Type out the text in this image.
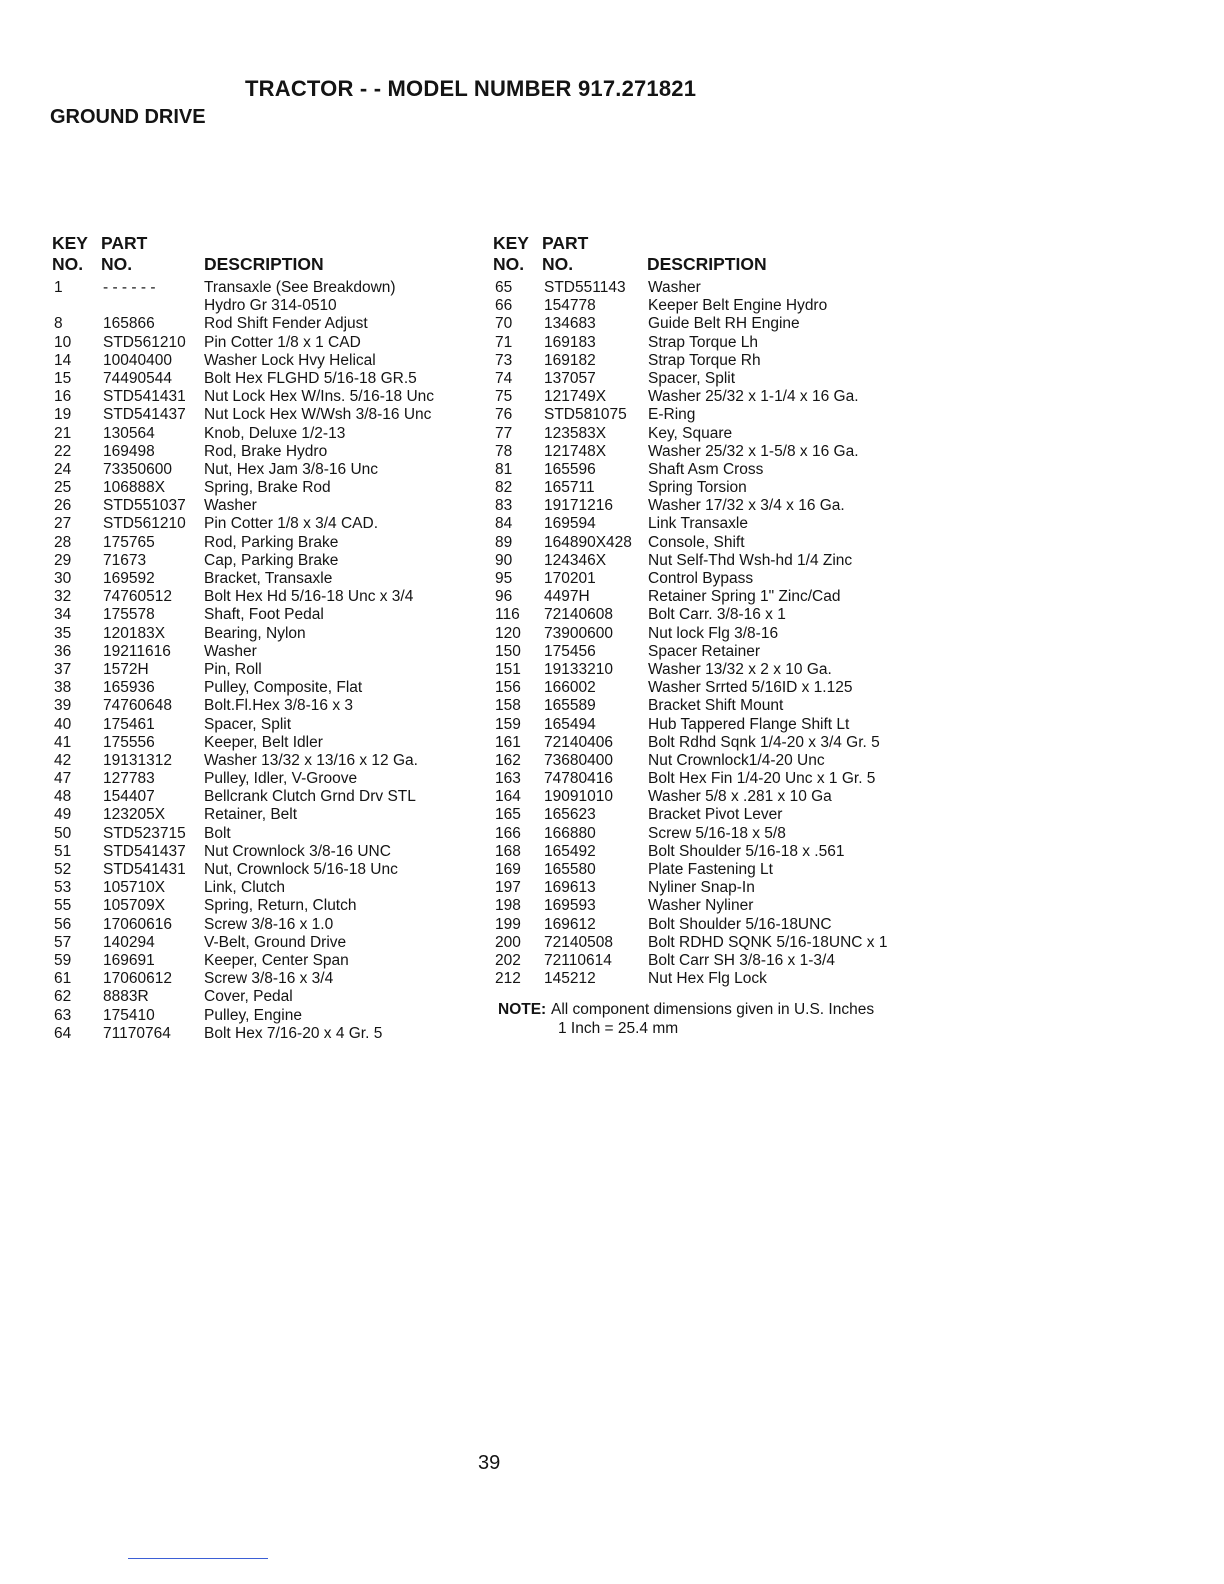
TRACTOR - - MODEL NUMBER 917.271821
GROUND DRIVE
KEY
NO.
PART
NO.	DESCRIPTION
1	- - - - - -	Transaxle (See Breakdown) Hydro Gr 314-0510
8	165866	Rod Shift Fender Adjust
10 STD561210 Pin Cotter 1/8 x 1 CAD
14 10040400 Washer Lock Hvy Helical
15 74490544 Bolt Hex FLGHD 5/16-18 GR.5
16 STD541431 Nut Lock Hex W/Ins. 5/16-18 Unc
19 STD541437 Nut Lock Hex W/Wsh 3/8-16 Unc
21 130564	Knob, Deluxe 1/2-13
22 169498	Rod, Brake Hydro
24 73350600 Nut, Hex Jam 3/8-16 Unc
25 106888X	Spring, Brake Rod
26 STD551037 Washer
27 STD561210 Pin Cotter 1/8 x 3/4 CAD.
28 175765	Rod, Parking Brake
29 71673	Cap, Parking Brake
30 169592	Bracket, Transaxle
32 74760512 Bolt Hex Hd 5/16-18 Unc x 3/4
34 175578	Shaft, Foot Pedal
35 120183X	Bearing, Nylon
36 19211616 Washer
37 1572H	Pin, Roll
38 165936	Pulley, Composite, Flat
39 74760648 Bolt.Fl.Hex 3/8-16 x 3
40 175461	Spacer, Split
41 175556	Keeper, Belt Idler
42 19131312 Washer 13/32 x 13/16 x 12 Ga.
47 127783	Pulley, Idler, V-Groove
48 154407	Bellcrank Clutch Grnd Drv STL
49 123205X	Retainer, Belt
50 STD523715 Bolt
51 STD541437 Nut Crownlock 3/8-16 UNC
52 STD541431 Nut, Crownlock 5/16-18 Unc
53 105710X	Link, Clutch
55 105709X	Spring, Return, Clutch
56 17060616 Screw 3/8-16 x 1.0
57 140294	V-Belt, Ground Drive
59 169691	Keeper, Center Span
61 17060612 Screw 3/8-16 x 3/4
62 8883R	Cover, Pedal
63 175410	Pulley, Engine
64 71170764 Bolt Hex 7/16-20 x 4 Gr. 5
KEY
NO.
PART
NO.	DESCRIPTION
65 STD551143 Washer
66 154778	Keeper Belt Engine Hydro
70 134683	Guide Belt RH Engine
71 169183	Strap Torque Lh
73 169182	Strap Torque Rh
74 137057	Spacer, Split
75 121749X	Washer 25/32 x 1-1/4 x 16 Ga.
76 STD581075 E-Ring
77 123583X	Key, Square
78 121748X	Washer 25/32 x 1-5/8 x 16 Ga.
81 165596	Shaft Asm Cross
82 165711	Spring Torsion
83 19171216 Washer 17/32 x 3/4 x 16 Ga.
84 169594	Link Transaxle
89 164890X428 Console, Shift
90 124346X	Nut Self-Thd Wsh-hd 1/4 Zinc
95 170201	Control Bypass
96 4497H	Retainer Spring 1" Zinc/Cad
116 72140608 Bolt Carr. 3/8-16 x 1
120 73900600 Nut lock Flg 3/8-16
150 175456	Spacer Retainer
151 19133210 Washer 13/32 x 2 x 10 Ga.
156 166002	Washer Srrted 5/16ID x 1.125
158 165589	Bracket Shift Mount
159 165494	Hub Tappered Flange Shift Lt
161 72140406 Bolt Rdhd Sqnk 1/4-20 x 3/4 Gr. 5
162 73680400 Nut Crownlock1/4-20 Unc
163 74780416 Bolt Hex Fin 1/4-20 Unc x 1 Gr. 5
164 19091010 Washer 5/8 x .281 x 10 Ga
165 165623	Bracket Pivot Lever
166 166880	Screw 5/16-18 x 5/8
168 165492	Bolt Shoulder 5/16-18 x .561
169 165580	Plate Fastening Lt
197 169613	Nyliner Snap-In
198 169593	Washer Nyliner
199 169612	Bolt Shoulder 5/16-18UNC
200 72140508 Bolt RDHD SQNK 5/16-18UNC x 1
202 72110614 Bolt Carr SH 3/8-16 x 1-3/4
212 145212	Nut Hex Flg Lock
NOTE: All component dimensions given in U.S. Inches
1 Inch = 25.4 mm
39
